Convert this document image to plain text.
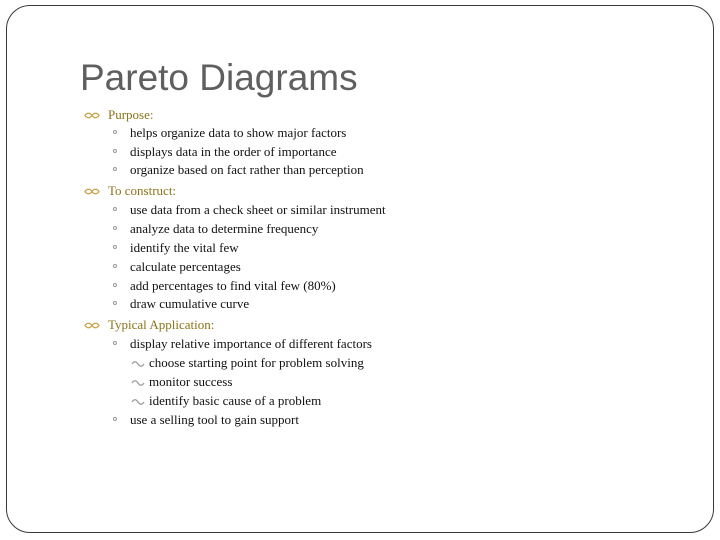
Pareto Diagrams
Purpose:
helps organize data to show major factors
displays data in the order of importance
organize based on fact rather than perception
To construct:
use data from a check sheet or similar instrument
analyze data to determine frequency
identify the vital few
calculate percentages
add percentages to find vital few (80%)
draw cumulative curve
Typical Application:
display relative importance of different factors
choose starting point for problem solving
monitor success
identify basic cause of a problem
use a selling tool to gain support
